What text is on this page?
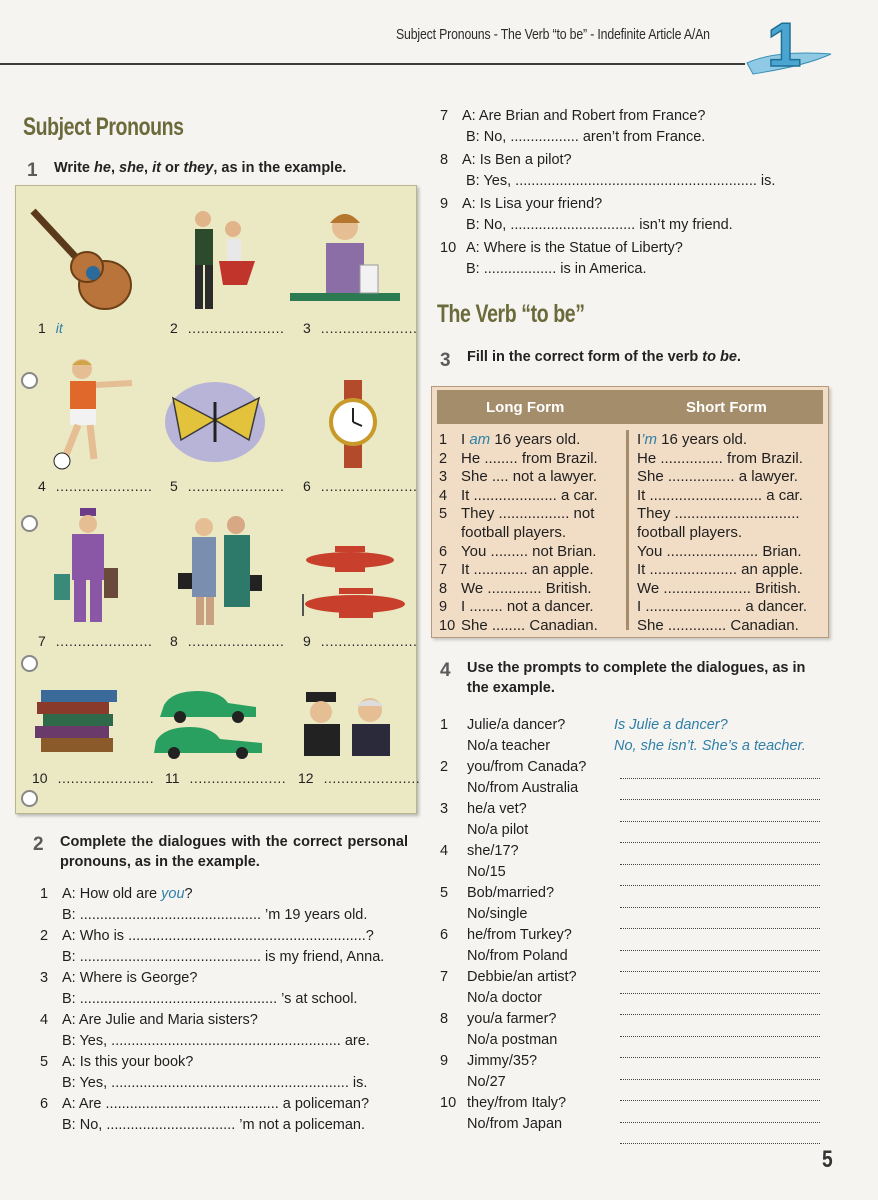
Subject Pronouns - The Verb “to be” - Indefinite Article A/An 1
Subject Pronouns
1 Write he, she, it or they, as in the example.
1 it	2 ...................... 3 ......................
4 ...................... 5 ...................... 6 ......................
7 ...................... 8 ...................... 9 ......................
10 ...................... 11 ...................... 12 ......................
2 Complete the dialogues with the correct personal pronouns, as in the example.
1 A: How old are you?
B: ............................................. ’m 19 years old.
2 A: Who is ...........................................................?
B: ............................................. is my friend, Anna.
3 A: Where is George?
B: ................................................. ’s at school.
4 A: Are Julie and Maria sisters?
B: Yes, ......................................................... are.
5 A: Is this your book?
B: Yes, ........................................................... is.
6 A: Are ........................................... a policeman?
B: No, ................................ ’m not a policeman.
7 A: Are Brian and Robert from France?
B: No, ................. aren’t from France.
8 A: Is Ben a pilot?
B: Yes, ............................................................ is.
9 A: Is Lisa your friend?
B: No, ............................... isn’t my friend.
10 A: Where is the Statue of Liberty?
B: .................. is in America.
The Verb “to be”
3 Fill in the correct form of the verb to be.
Long Form	Short Form
1 I am 16 years old.
2 He ........ from Brazil.
3 She .... not a lawyer.
4 It .................... a car.
5 They ................. not
football players.
6 You ......... not Brian.
7 It ............. an apple.
8 We ............. British.
9 I ........ not a dancer.
10 She ........ Canadian.
I’m 16 years old.
He ............... from Brazil.
She ................ a lawyer.
It ........................... a car.
They ..............................
football players.
You ...................... Brian.
It ..................... an apple.
We ..................... British.
I ....................... a dancer.
She .............. Canadian.
4 Use the prompts to complete the dialogues, as in the example.
1 Julie/a dancer?
No/a teacher
2 you/from Canada?
No/from Australia
3 he/a vet?
No/a pilot
4 she/17?
No/15
5 Bob/married?
No/single
6 he/from Turkey?
No/from Poland
7 Debbie/an artist?
No/a doctor
8 you/a farmer?
No/a postman
9 Jimmy/35?
No/27
10 they/from Italy?
No/from Japan
Is Julie a dancer?
No, she isn’t. She’s a teacher.
5
